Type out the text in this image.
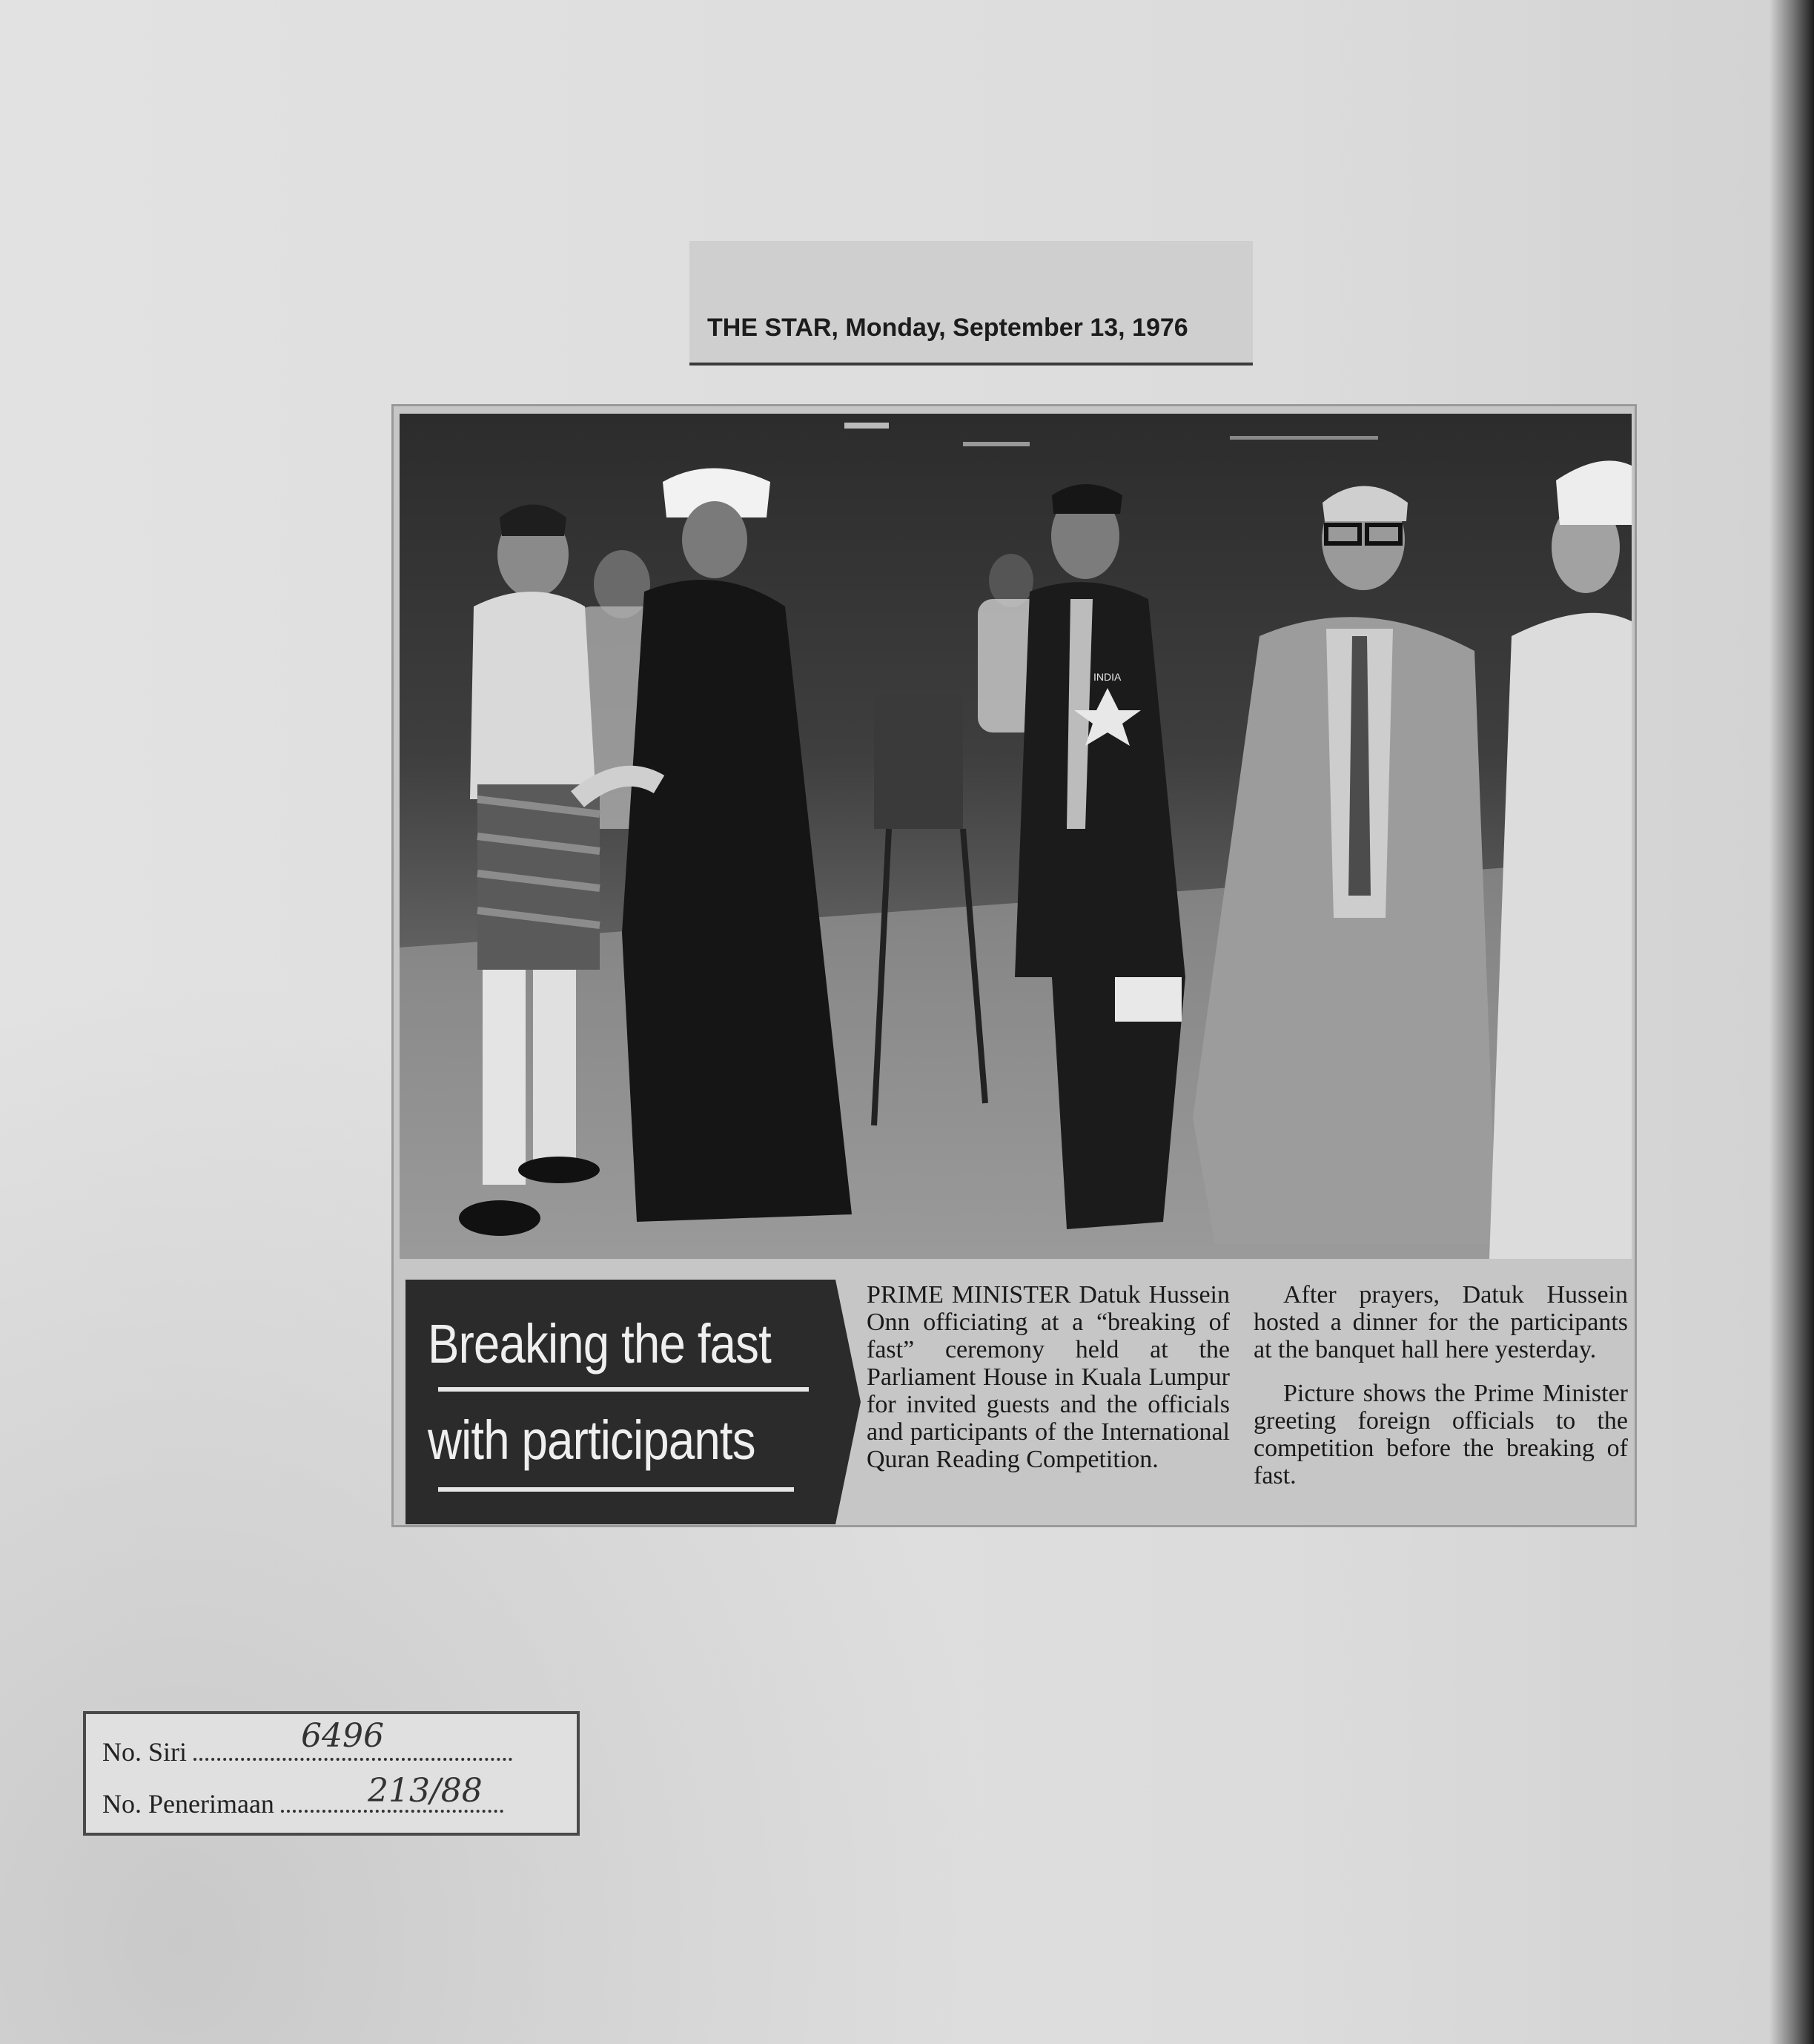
THE STAR, Monday, September 13, 1976
INDIA
Breaking the fast
with participants

PRIME MINISTER Datuk Hussein Onn officiating at a “breaking of fast” ceremony held at the Parliament House in Kuala Lumpur for invited guests and the officials and participants of the International Quran Reading Competition.

After prayers, Datuk Hussein hosted a dinner for the participants at the banquet hall here yesterday.

Picture shows the Prime Minister greeting foreign officials to the competition before the breaking of fast.

No. Siri	6496
No. Penerimaan	213/88
